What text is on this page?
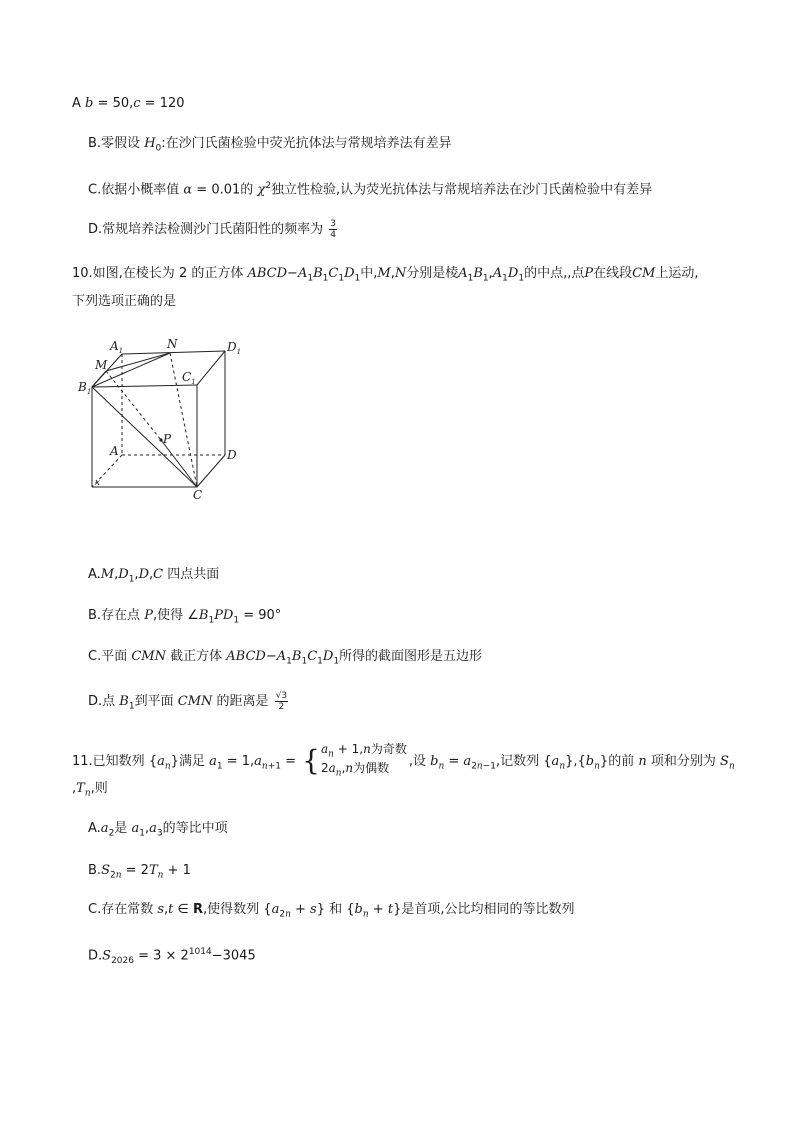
A b = 50,c = 120
B.零假设 $H_0$:在沙门氏菌检验中荧光抗体法与常规培养法有差异
C.依据小概率值 α = 0.01的 $\chi^2$独立性检验,认为荧光抗体法与常规培养法在沙门氏菌检验中有差异
D.常规培养法检测沙门氏菌阳性的频率为 $\frac{3}{4}$
10.如图,在棱长为 2 的正方体 $ABCD-A_1B_1C_1D_1$中,M,N分别是棱$A_1B_1,A_1D_1$的中点,,点P在线段CM上运动,
下列选项正确的是
$A_1$	N	$D_1$
M
$B_1$
$C_1$
P
A	D
C
x
$A.M,D_1,D,C$ 四点共面
B.存在点 P,使得 $\angle B_1PD_1 = 90^\circ$
C.平面 CMN 截正方体 $ABCD-A_1B_1C_1D_1$所得的截面图形是五边形
D.点 $B_1$到平面 CMN 的距离是 $\frac{√3}{2}$
11.已知数列 $\{a_n\}$满足 $a_1 = 1,a_{n+1}$ = { $a_n + 1,n$为奇数
$2a_n,n$为偶数	,设 $b_n = a_{2n-1}$,记数列 $\{a_n\},\{b_n\}$的前 n 项和分别为 $S_n$
$,T_n$,则
$A.a_2$是 $a_1,a_3$的等比中项
$B.S_{2n} = 2T_n + 1$
C.存在常数 s,t ∈ R,使得数列 $\{a_{2n} + s\}$ 和 $\{b_n + t\}$是首项,公比均相同的等比数列
$D.S_{2026} = 3 \times 2^{1014}-3045$
